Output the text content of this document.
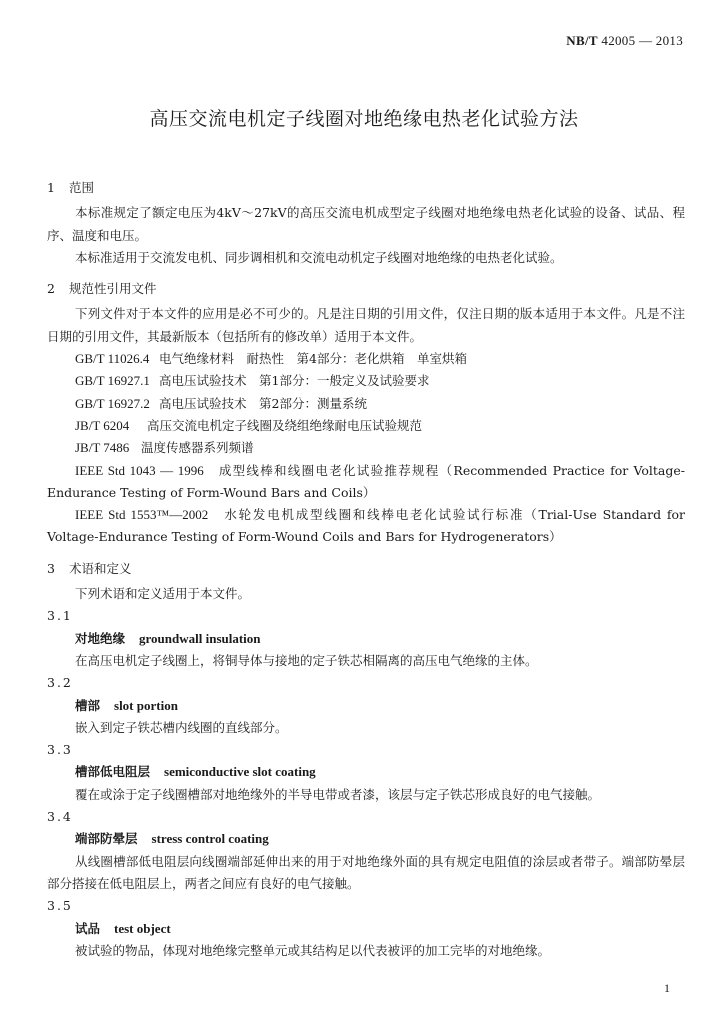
NB/T 42005 — 2013
高压交流电机定子线圈对地绝缘电热老化试验方法

1 范围

本标准规定了额定电压为4kV～27kV的高压交流电机成型定子线圈对地绝缘电热老化试验的设备、试品、程序、温度和电压。

本标准适用于交流发电机、同步调相机和交流电动机定子线圈对地绝缘的电热老化试验。

2 规范性引用文件

下列文件对于本文件的应用是必不可少的。凡是注日期的引用文件，仅注日期的版本适用于本文件。凡是不注日期的引用文件，其最新版本（包括所有的修改单）适用于本文件。

GB/T 11026.4 电气绝缘材料　耐热性　第4部分：老化烘箱　单室烘箱

GB/T 16927.1 高电压试验技术　第1部分：一般定义及试验要求

GB/T 16927.2 高电压试验技术　第2部分：测量系统

JB/T 6204 高压交流电机定子线圈及绕组绝缘耐电压试验规范

JB/T 7486 温度传感器系列频谱

IEEE Std 1043 — 1996　 成型线棒和线圈电老化试验推荐规程（Recommended Practice for Voltage-Endurance Testing of Form-Wound Bars and Coils）

IEEE Std 1553™—2002　 水轮发电机成型线圈和线棒电老化试验试行标准（Trial-Use Standard for Voltage-Endurance Testing of Form-Wound Coils and Bars for Hydrogenerators）

3 术语和定义

下列术语和定义适用于本文件。

3.1

对地绝缘 groundwall insulation

在高压电机定子线圈上，将铜导体与接地的定子铁芯相隔离的高压电气绝缘的主体。

3.2

槽部 slot portion

嵌入到定子铁芯槽内线圈的直线部分。

3.3

槽部低电阻层 semiconductive slot coating

覆在或涂于定子线圈槽部对地绝缘外的半导电带或者漆，该层与定子铁芯形成良好的电气接触。

3.4

端部防晕层 stress control coating

从线圈槽部低电阻层向线圈端部延伸出来的用于对地绝缘外面的具有规定电阻值的涂层或者带子。端部防晕层部分搭接在低电阻层上，两者之间应有良好的电气接触。

3.5

试品 test object

被试验的物品，体现对地绝缘完整单元或其结构足以代表被评的加工完毕的对地绝缘。

1
